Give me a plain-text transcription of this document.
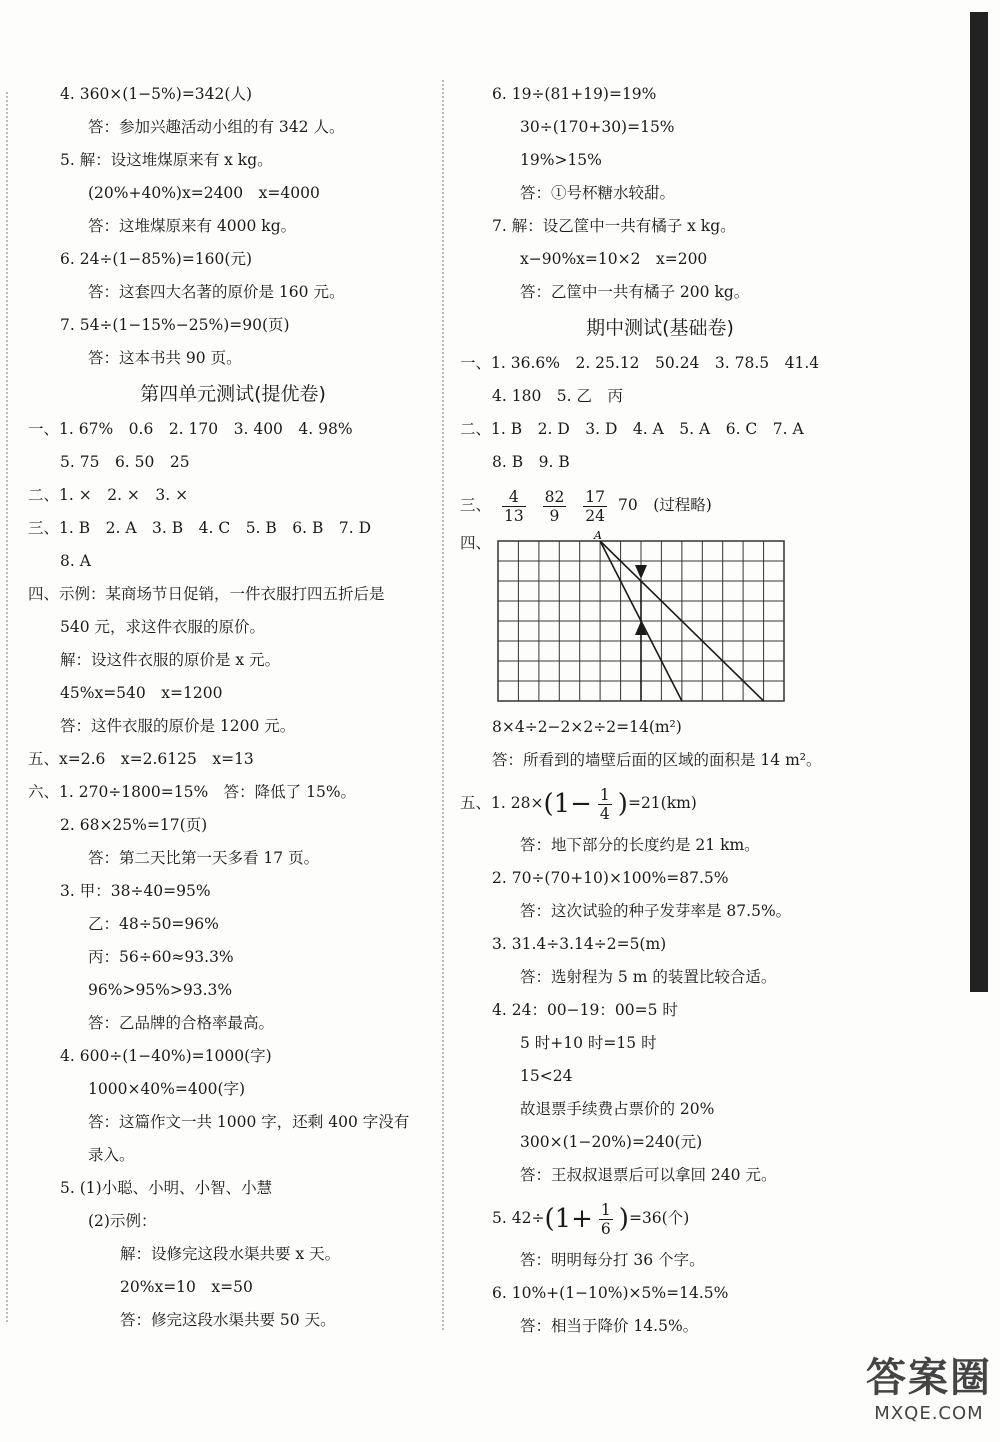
4. 360×(1−5%)=342(人)
答：参加兴趣活动小组的有 342 人。
5. 解：设这堆煤原来有 x kg。
(20%+40%)x=2400　x=4000
答：这堆煤原来有 4000 kg。
6. 24÷(1−85%)=160(元)
答：这套四大名著的原价是 160 元。
7. 54÷(1−15%−25%)=90(页)
答：这本书共 90 页。
第四单元测试(提优卷)
一、1. 67%　0.6　2. 170　3. 400　4. 98%
5. 75　6. 50　25
二、1. ×　2. ×　3. ×
三、1. B　2. A　3. B　4. C　5. B　6. B　7. D
8. A
四、示例：某商场节日促销，一件衣服打四五折后是
540 元，求这件衣服的原价。
解：设这件衣服的原价是 x 元。
45%x=540　x=1200
答：这件衣服的原价是 1200 元。
五、x=2.6　x=2.6125　x=13
六、1. 270÷1800=15%　答：降低了 15%。
2. 68×25%=17(页)
答：第二天比第一天多看 17 页。
3. 甲：38÷40=95%
乙：48÷50=96%
丙：56÷60≈93.3%
96%>95%>93.3%
答：乙品牌的合格率最高。
4. 600÷(1−40%)=1000(字)
1000×40%=400(字)
答：这篇作文一共 1000 字，还剩 400 字没有
录入。
5. (1)小聪、小明、小智、小慧
(2)示例：
解：设修完这段水渠共要 x 天。
20%x=10　x=50
答：修完这段水渠共要 50 天。
6. 19÷(81+19)=19%
30÷(170+30)=15%
19%>15%
答：①号杯糖水较甜。
7. 解：设乙筐中一共有橘子 x kg。
x−90%x=10×2　x=200
答：乙筐中一共有橘子 200 kg。
期中测试(基础卷)
一、1. 36.6%　2. 25.12　50.24　3. 78.5　41.4
4. 180　5. 乙　丙
二、1. B　2. D　3. D　4. A　5. A　6. C　7. A
8. B　9. B
三、 $\frac{4}{13}$
$\frac{82}{9}$
$\frac{17}{24} 70$　(过程略)
四、	A
8×4÷2−2×2÷2=14(m²)
答：所看到的墙壁后面的区域的面积是 14 m²。
五、1. $28\times(1- \frac{1}{4} )=21(km)$
答：地下部分的长度约是 21 km。
2. 70÷(70+10)×100%=87.5%
答：这次试验的种子发芽率是 87.5%。
3. 31.4÷3.14÷2=5(m)
答：选射程为 5 m 的装置比较合适。
4. 24：00−19：00=5 时
5 时+10 时=15 时
15<24
故退票手续费占票价的 20%
300×(1−20%)=240(元)
答：王叔叔退票后可以拿回 240 元。
5. $42\div(1+ \frac{1}{6} )=36$(个)
答：明明每分打 36 个字。
6. 10%+(1−10%)×5%=14.5%
答：相当于降价 14.5%。
答案圈
MXQE.COM
